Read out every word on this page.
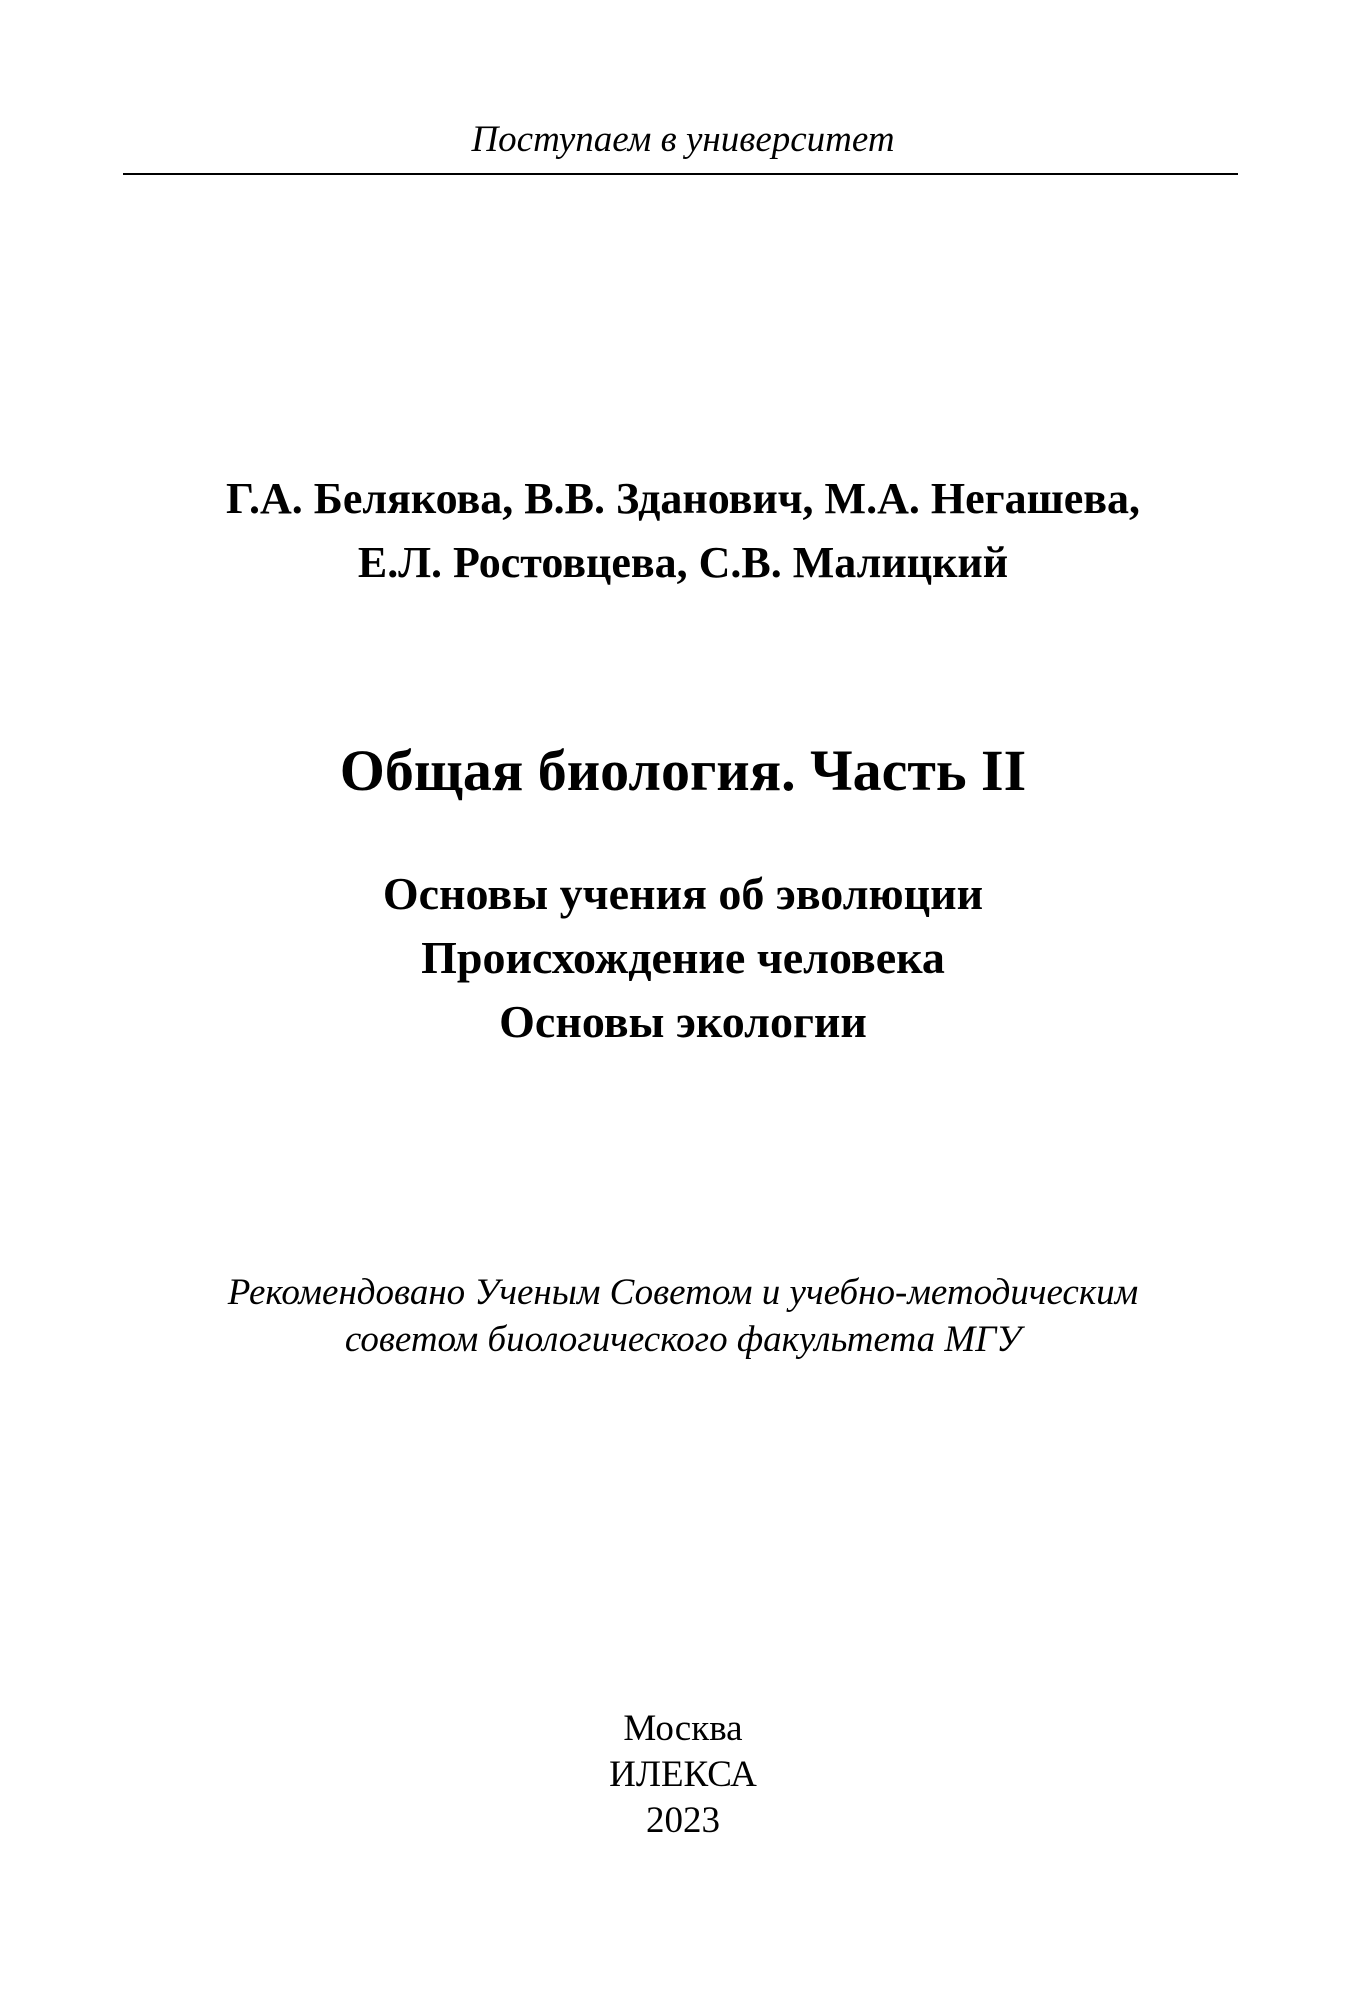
Поступаем в университет
Г.А. Белякова, В.В. Зданович, М.А. Негашева,
Е.Л. Ростовцева, С.В. Малицкий
Общая биология. Часть II
Основы учения об эволюции
Происхождение человека
Основы экологии
Рекомендовано Ученым Советом и учебно-методическим
советом биологического факультета МГУ
Москва
ИЛЕКСА
2023
